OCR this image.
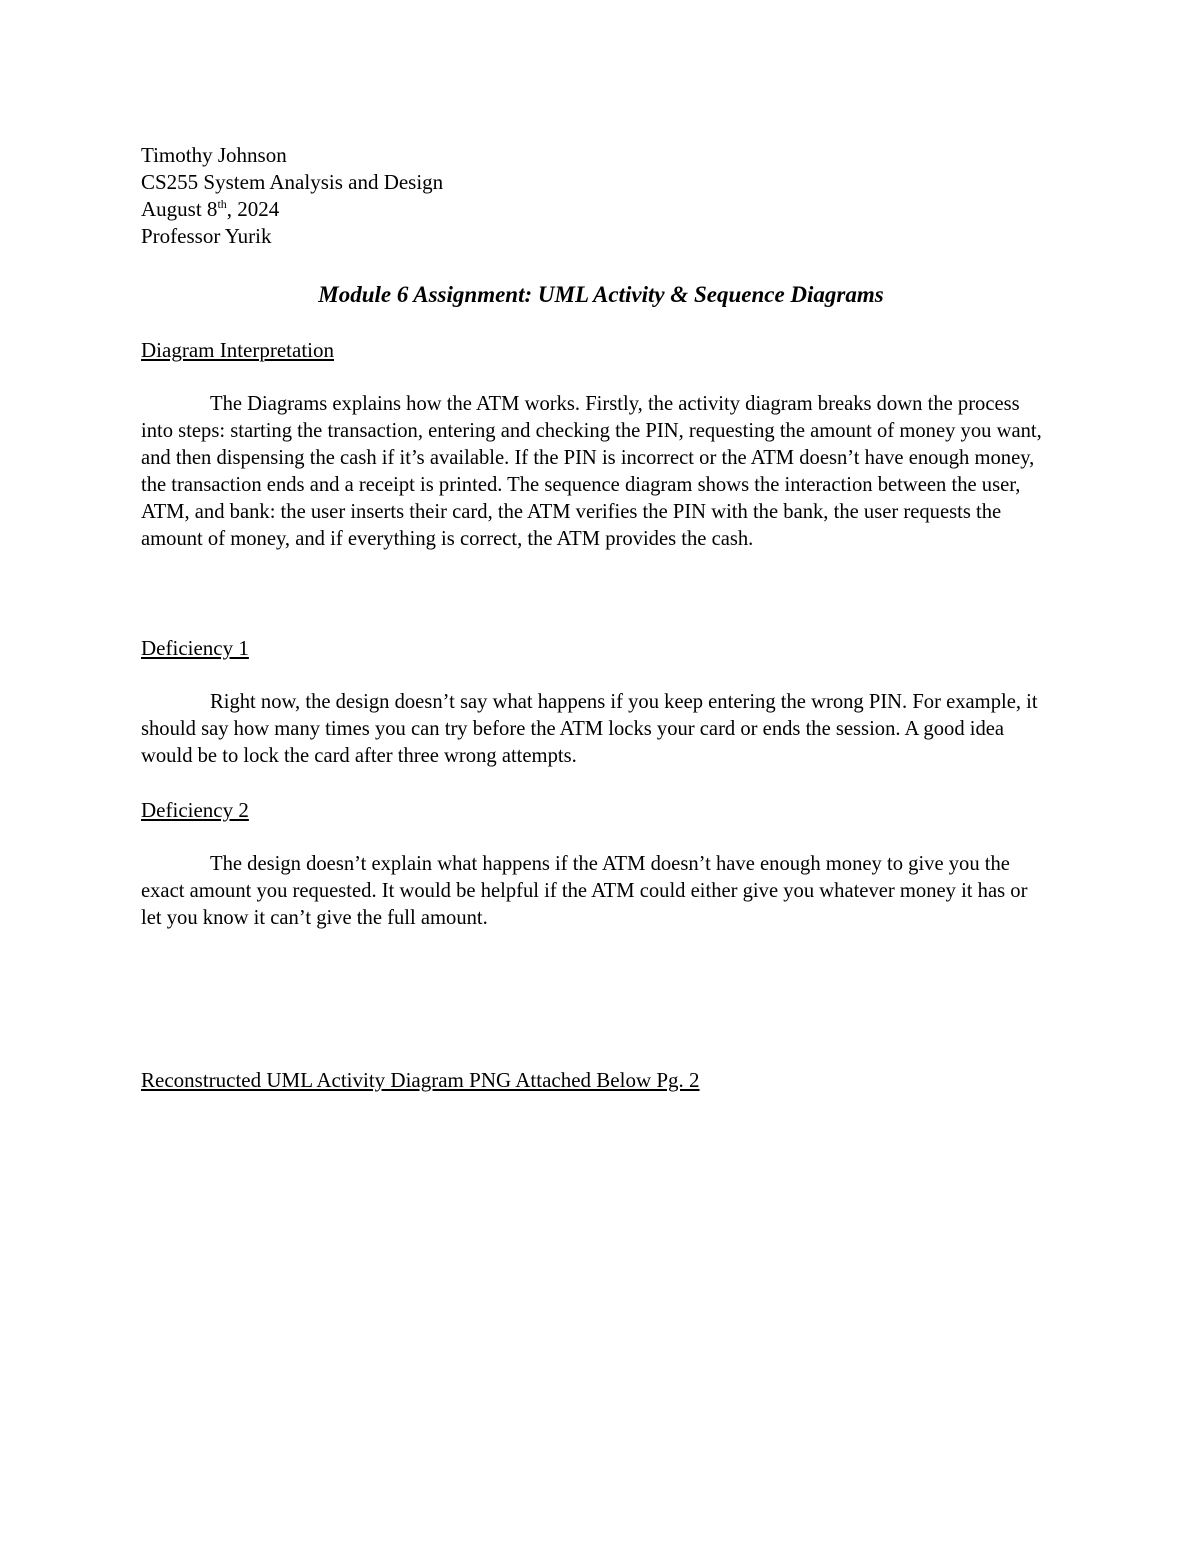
Timothy Johnson
CS255 System Analysis and Design
August 8th, 2024
Professor Yurik
Module 6 Assignment: UML Activity & Sequence Diagrams
Diagram Interpretation
The Diagrams explains how the ATM works. Firstly, the activity diagram breaks down the process into steps: starting the transaction, entering and checking the PIN, requesting the amount of money you want, and then dispensing the cash if it’s available. If the PIN is incorrect or the ATM doesn’t have enough money, the transaction ends and a receipt is printed. The sequence diagram shows the interaction between the user, ATM, and bank: the user inserts their card, the ATM verifies the PIN with the bank, the user requests the amount of money, and if everything is correct, the ATM provides the cash.
Deficiency 1
Right now, the design doesn’t say what happens if you keep entering the wrong PIN. For example, it should say how many times you can try before the ATM locks your card or ends the session. A good idea would be to lock the card after three wrong attempts.
Deficiency 2
The design doesn’t explain what happens if the ATM doesn’t have enough money to give you the exact amount you requested. It would be helpful if the ATM could either give you whatever money it has or let you know it can’t give the full amount.
Reconstructed UML Activity Diagram PNG Attached Below Pg. 2
